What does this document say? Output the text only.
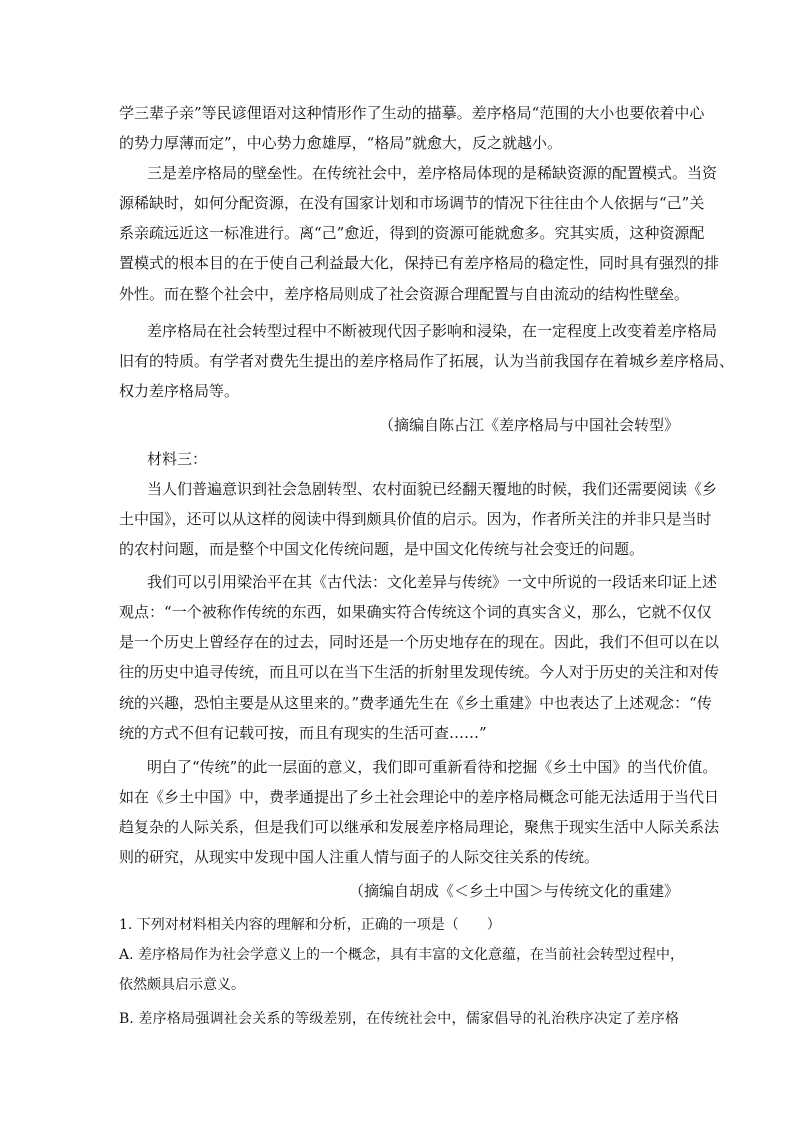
学三辈子亲”等民谚俚语对这种情形作了生动的描摹。差序格局“范围的大小也要依着中心
的势力厚薄而定”，中心势力愈雄厚，“格局”就愈大，反之就越小。
三是差序格局的壁垒性。在传统社会中，差序格局体现的是稀缺资源的配置模式。当资
源稀缺时，如何分配资源，在没有国家计划和市场调节的情况下往往由个人依据与“己”关
系亲疏远近这一标准进行。离“己”愈近，得到的资源可能就愈多。究其实质，这种资源配
置模式的根本目的在于使自己利益最大化，保持已有差序格局的稳定性，同时具有强烈的排
外性。而在整个社会中，差序格局则成了社会资源合理配置与自由流动的结构性壁垒。
差序格局在社会转型过程中不断被现代因子影响和浸染，在一定程度上改变着差序格局
旧有的特质。有学者对费先生提出的差序格局作了拓展，认为当前我国存在着城乡差序格局、
权力差序格局等。
（摘编自陈占江《差序格局与中国社会转型》
材料三：
当人们普遍意识到社会急剧转型、农村面貌已经翻天覆地的时候，我们还需要阅读《乡
土中国》，还可以从这样的阅读中得到颇具价值的启示。因为，作者所关注的并非只是当时
的农村问题，而是整个中国文化传统问题，是中国文化传统与社会变迁的问题。
我们可以引用梁治平在其《古代法：文化差异与传统》一文中所说的一段话来印证上述
观点：“一个被称作传统的东西，如果确实符合传统这个词的真实含义，那么，它就不仅仅
是一个历史上曾经存在的过去，同时还是一个历史地存在的现在。因此，我们不但可以在以
往的历史中追寻传统，而且可以在当下生活的折射里发现传统。今人对于历史的关注和对传
统的兴趣，恐怕主要是从这里来的。”费孝通先生在《乡土重建》中也表达了上述观念：“传
统的方式不但有记载可按，而且有现实的生活可查……”
明白了“传统”的此一层面的意义，我们即可重新看待和挖掘《乡土中国》的当代价值。
如在《乡土中国》中，费孝通提出了乡土社会理论中的差序格局概念可能无法适用于当代日
趋复杂的人际关系，但是我们可以继承和发展差序格局理论，聚焦于现实生活中人际关系法
则的研究，从现实中发现中国人注重人情与面子的人际交往关系的传统。
（摘编自胡成《＜乡土中国＞与传统文化的重建》
1. 下列对材料相关内容的理解和分析，正确的一项是（　　）
A. 差序格局作为社会学意义上的一个概念，具有丰富的文化意蕴，在当前社会转型过程中，
依然颇具启示意义。
B. 差序格局强调社会关系的等级差别，在传统社会中，儒家倡导的礼治秩序决定了差序格
